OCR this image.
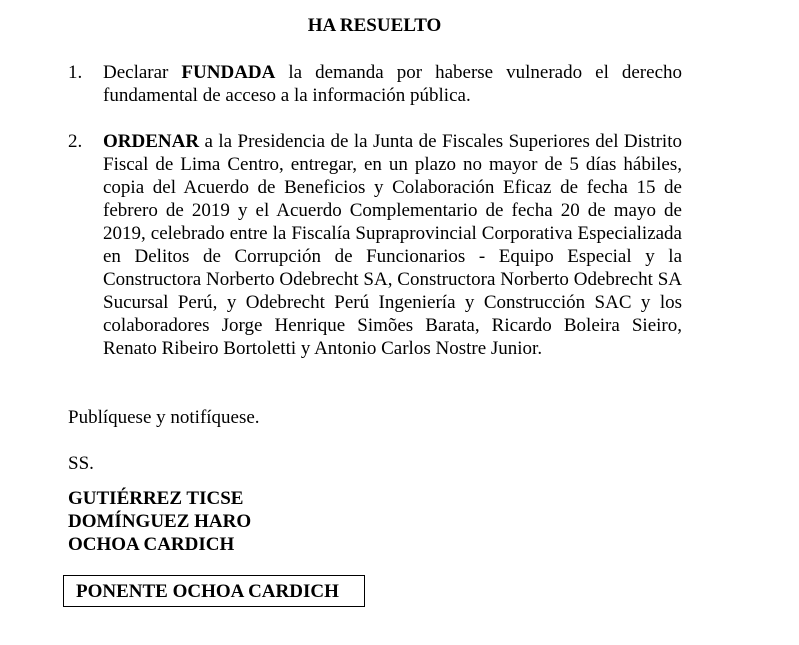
HA RESUELTO
1.	Declarar FUNDADA la demanda por haberse vulnerado el derecho fundamental de acceso a la información pública.
2.	ORDENAR a la Presidencia de la Junta de Fiscales Superiores del Distrito Fiscal de Lima Centro, entregar, en un plazo no mayor de 5 días hábiles, copia del Acuerdo de Beneficios y Colaboración Eficaz de fecha 15 de febrero de 2019 y el Acuerdo Complementario de fecha 20 de mayo de 2019, celebrado entre la Fiscalía Supraprovincial Corporativa Especializada en Delitos de Corrupción de Funcionarios - Equipo Especial y la Constructora Norberto Odebrecht SA, Constructora Norberto Odebrecht SA Sucursal Perú, y Odebrecht Perú Ingeniería y Construcción SAC y los colaboradores Jorge Henrique Simões Barata, Ricardo Boleira Sieiro, Renato Ribeiro Bortoletti y Antonio Carlos Nostre Junior.
Publíquese y notifíquese.
SS.
GUTIÉRREZ TICSE
DOMÍNGUEZ HARO
OCHOA CARDICH
PONENTE OCHOA CARDICH
